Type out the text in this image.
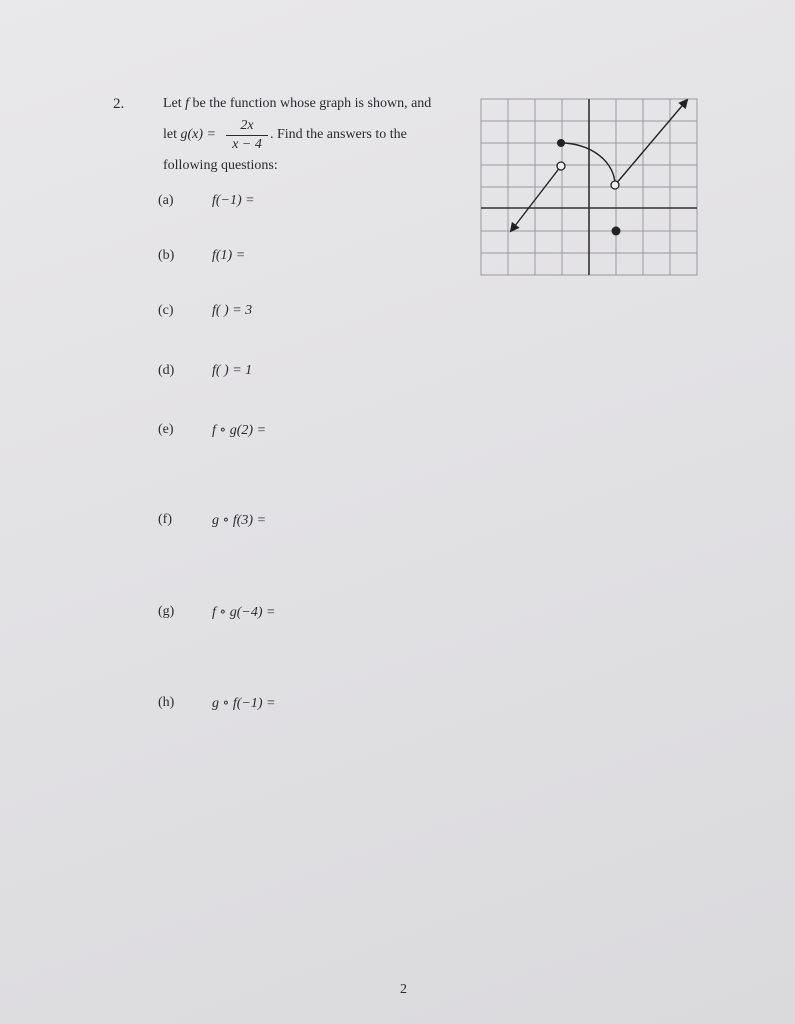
2.	Let f be the function whose graph is shown, and
let g(x) =
2x
x − 4
. Find the answers to the
following questions:
(a)	f(−1) =
(b)	f(1) =
(c)	f( ) = 3
(d)	f( ) = 1
(e)	f ∘ g(2) =
(f)	g ∘ f(3) =
(g)	f ∘ g(−4) =
(h)	g ∘ f(−1) =
2
